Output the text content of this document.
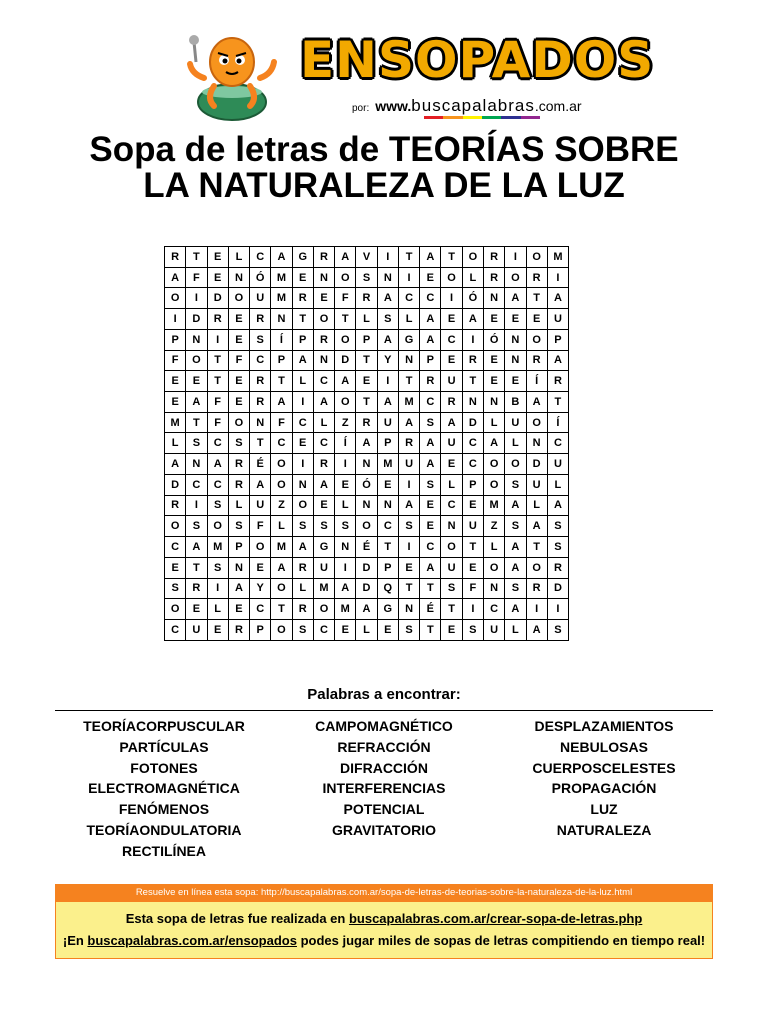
ENSOPADOS
por: www.buscapalabras.com.ar
Sopa de letras de TEORÍAS SOBRE
LA NATURALEZA DE LA LUZ
R	T	E	L	C	A	G	R	A	V	I	T	A	T	O	R	I	O	M
A	F	E	N	Ó	M	E	N	O	S	N	I	E	O	L	R	O	R	I
O	I	D	O	U	M	R	E	F	R	A	C	C	I	Ó	N	A	T	A
I	D	R	E	R	N	T	O	T	L	S	L	A	E	A	E	E	E	U
P	N	I	E	S	Í	P	R	O	P	A	G	A	C	I	Ó	N	O	P
F	O	T	F	C	P	A	N	D	T	Y	N	P	E	R	E	N	R	A
E	E	T	E	R	T	L	C	A	E	I	T	R	U	T	E	E	Í	R
E	A	F	E	R	A	I	A	O	T	A	M	C	R	N	N	B	A	T
M	T	F	O	N	F	C	L	Z	R	U	A	S	A	D	L	U	O	Í
L	S	C	S	T	C	E	C	Í	A	P	R	A	U	C	A	L	N	C
A	N	A	R	É	O	I	R	I	N	M	U	A	E	C	O	O	D	U
D	C	C	R	A	O	N	A	E	Ó	E	I	S	L	P	O	S	U	L
R	I	S	L	U	Z	O	E	L	N	N	A	E	C	E	M	A	L	A
O	S	O	S	F	L	S	S	S	O	C	S	E	N	U	Z	S	A	S
C	A	M	P	O	M	A	G	N	É	T	I	C	O	T	L	A	T	S
E	T	S	N	E	A	R	U	I	D	P	E	A	U	E	O	A	O	R
S	R	I	A	Y	O	L	M	A	D	Q	T	T	S	F	N	S	R	D
O	E	L	E	C	T	R	O	M	A	G	N	É	T	I	C	A	I	I
C	U	E	R	P	O	S	C	E	L	E	S	T	E	S	U	L	A	S
Palabras a encontrar:
TEORÍACORPUSCULAR
PARTÍCULAS
FOTONES
ELECTROMAGNÉTICA
FENÓMENOS
TEORÍAONDULATORIA
RECTILÍNEA
CAMPOMAGNÉTICO
REFRACCIÓN
DIFRACCIÓN
INTERFERENCIAS
POTENCIAL
GRAVITATORIO
DESPLAZAMIENTOS
NEBULOSAS
CUERPOSCELESTES
PROPAGACIÓN
LUZ
NATURALEZA
Resuelve en línea esta sopa: http://buscapalabras.com.ar/sopa-de-letras-de-teorias-sobre-la-naturaleza-de-la-luz.html
Esta sopa de letras fue realizada en buscapalabras.com.ar/crear-sopa-de-letras.php
¡En buscapalabras.com.ar/ensopados podes jugar miles de sopas de letras compitiendo en tiempo real!
